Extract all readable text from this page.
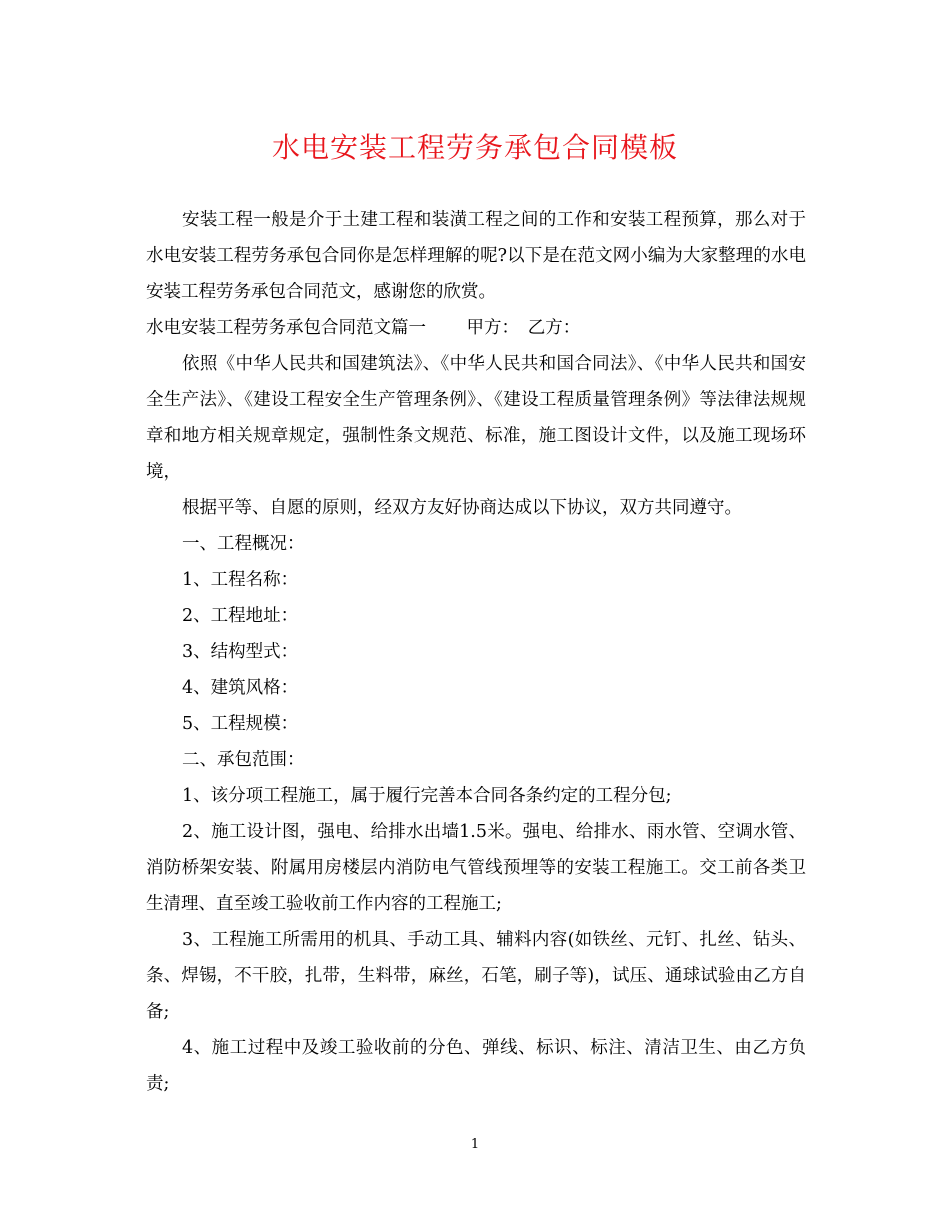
水电安装工程劳务承包合同模板

安装工程一般是介于土建工程和装潢工程之间的工作和安装工程预算，那么对于水电安装工程劳务承包合同你是怎样理解的呢?以下是在范文网小编为大家整理的水电安装工程劳务承包合同范文，感谢您的欣赏。

水电安装工程劳务承包合同范文篇一　　 甲方：　乙方：

依照《中华人民共和国建筑法》、《中华人民共和国合同法》、《中华人民共和国安全生产法》、《建设工程安全生产管理条例》、《建设工程质量管理条例》等法律法规规章和地方相关规章规定，强制性条文规范、标准，施工图设计文件，以及施工现场环境，

根据平等、自愿的原则，经双方友好协商达成以下协议，双方共同遵守。

一、工程概况：

1、工程名称：

2、工程地址：

3、结构型式：

4、建筑风格：

5、工程规模：

二、承包范围：

1、该分项工程施工，属于履行完善本合同各条约定的工程分包;

2、施工设计图，强电、给排水出墙1.5米。强电、给排水、雨水管、空调水管、消防桥架安装、附属用房楼层内消防电气管线预埋等的安装工程施工。交工前各类卫生清理、直至竣工验收前工作内容的工程施工;

3、工程施工所需用的机具、手动工具、辅料内容(如铁丝、元钉、扎丝、钻头、条、焊锡，不干胶，扎带，生料带，麻丝，石笔，刷子等)，试压、通球试验由乙方自备;

4、施工过程中及竣工验收前的分色、弹线、标识、标注、清洁卫生、由乙方负责;

1
